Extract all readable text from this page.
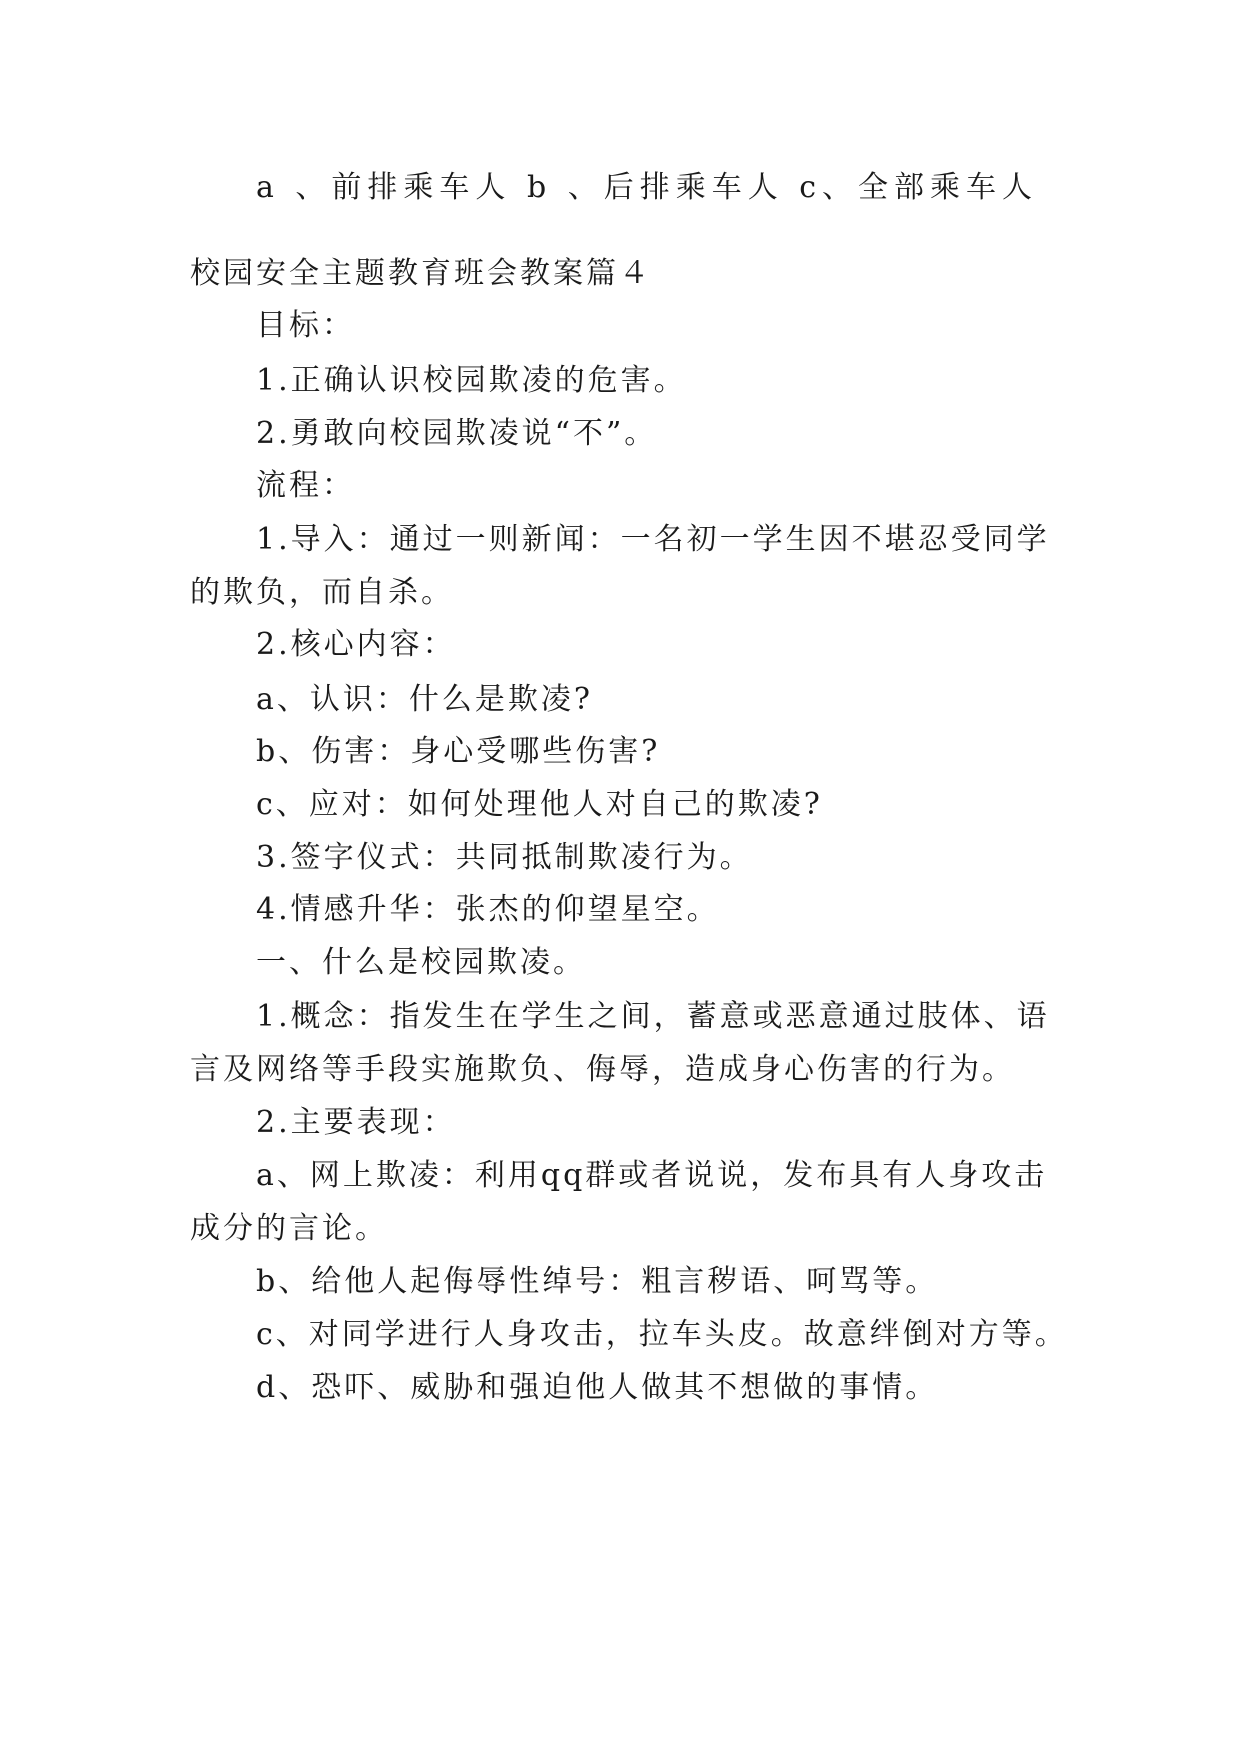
a 、前排乘车人 b 、后排乘车人 c、全部乘车人
校园安全主题教育班会教案篇４
目标：
1.正确认识校园欺凌的危害。
2.勇敢向校园欺凌说“不”。
流程：
1.导入：通过一则新闻：一名初一学生因不堪忍受同学
的欺负，而自杀。
2.核心内容：
a、认识：什么是欺凌?
b、伤害：身心受哪些伤害?
c、应对：如何处理他人对自己的欺凌?
3.签字仪式：共同抵制欺凌行为。
4.情感升华：张杰的仰望星空。
一、什么是校园欺凌。
1.概念：指发生在学生之间，蓄意或恶意通过肢体、语
言及网络等手段实施欺负、侮辱，造成身心伤害的行为。
2.主要表现：
a、网上欺凌：利用qq群或者说说，发布具有人身攻击
成分的言论。
b、给他人起侮辱性绰号：粗言秽语、呵骂等。
c、对同学进行人身攻击，拉车头皮。故意绊倒对方等。
d、恐吓、威胁和强迫他人做其不想做的事情。
